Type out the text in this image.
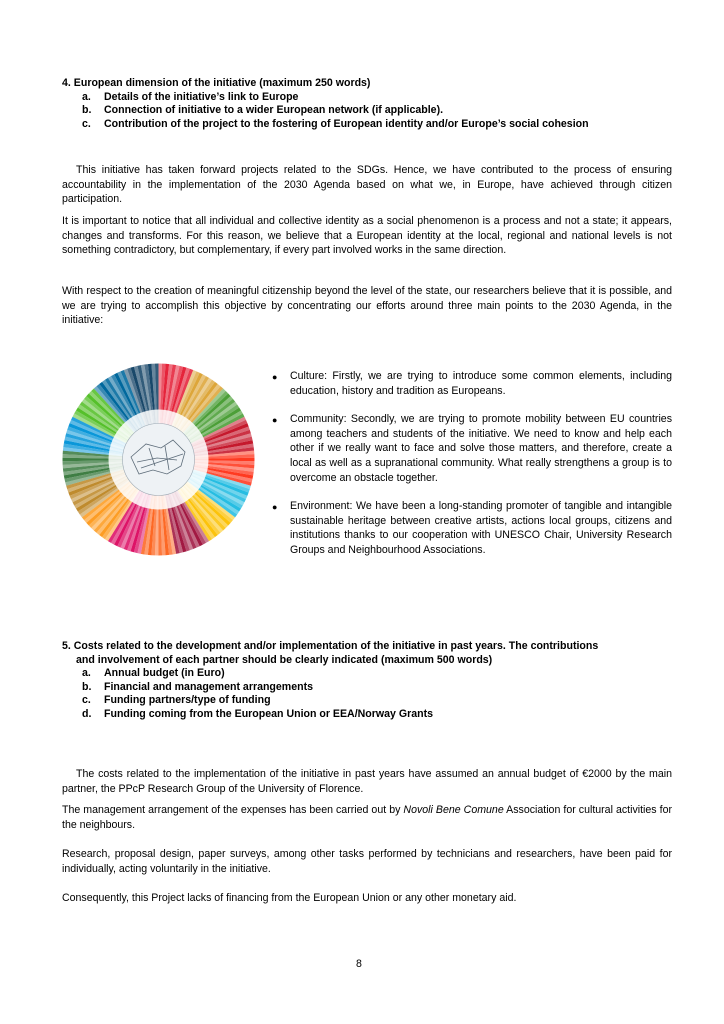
4. European dimension of the initiative (maximum 250 words)
a.	Details of the initiative’s link to Europe
b.	Connection of initiative to a wider European network (if applicable).
c.	Contribution of the project to the fostering of European identity and/or Europe’s social cohesion
This initiative has taken forward projects related to the SDGs. Hence, we have contributed to the process of ensuring accountability in the implementation of the 2030 Agenda based on what we, in Europe, have achieved through citizen participation.
It is important to notice that all individual and collective identity as a social phenomenon is a process and not a state; it appears, changes and transforms. For this reason, we believe that a European identity at the local, regional and national levels is not something contradictory, but complementary, if every part involved works in the same direction.
With respect to the creation of meaningful citizenship beyond the level of the state, our researchers believe that it is possible, and we are trying to accomplish this objective by concentrating our efforts around three main points to the 2030 Agenda, in the initiative:
●	Culture: Firstly, we are trying to introduce some common elements, including education, history and tradition as Europeans.
●	Community: Secondly, we are trying to promote mobility between EU countries among teachers and students of the initiative. We need to know and help each other if we really want to face and solve those matters, and therefore, create a local as well as a supranational community. What really strengthens a group is to overcome an obstacle together.
●	Environment: We have been a long-standing promoter of tangible and intangible sustainable heritage between creative artists, actions local groups, citizens and institutions thanks to our cooperation with UNESCO Chair, University Research Groups and Neighbourhood Associations.
5. Costs related to the development and/or implementation of the initiative in past years. The contributions
and involvement of each partner should be clearly indicated (maximum 500 words)
a.	Annual budget (in Euro)
b.	Financial and management arrangements
c.	Funding partners/type of funding
d.	Funding coming from the European Union or EEA/Norway Grants
The costs related to the implementation of the initiative in past years have assumed an annual budget of €2000 by the main partner, the PPcP Research Group of the University of Florence.
The management arrangement of the expenses has been carried out by Novoli Bene Comune Association for cultural activities for the neighbours.
Research, proposal design, paper surveys, among other tasks performed by technicians and researchers, have been paid for individually, acting voluntarily in the initiative.
Consequently, this Project lacks of financing from the European Union or any other monetary aid.
8
